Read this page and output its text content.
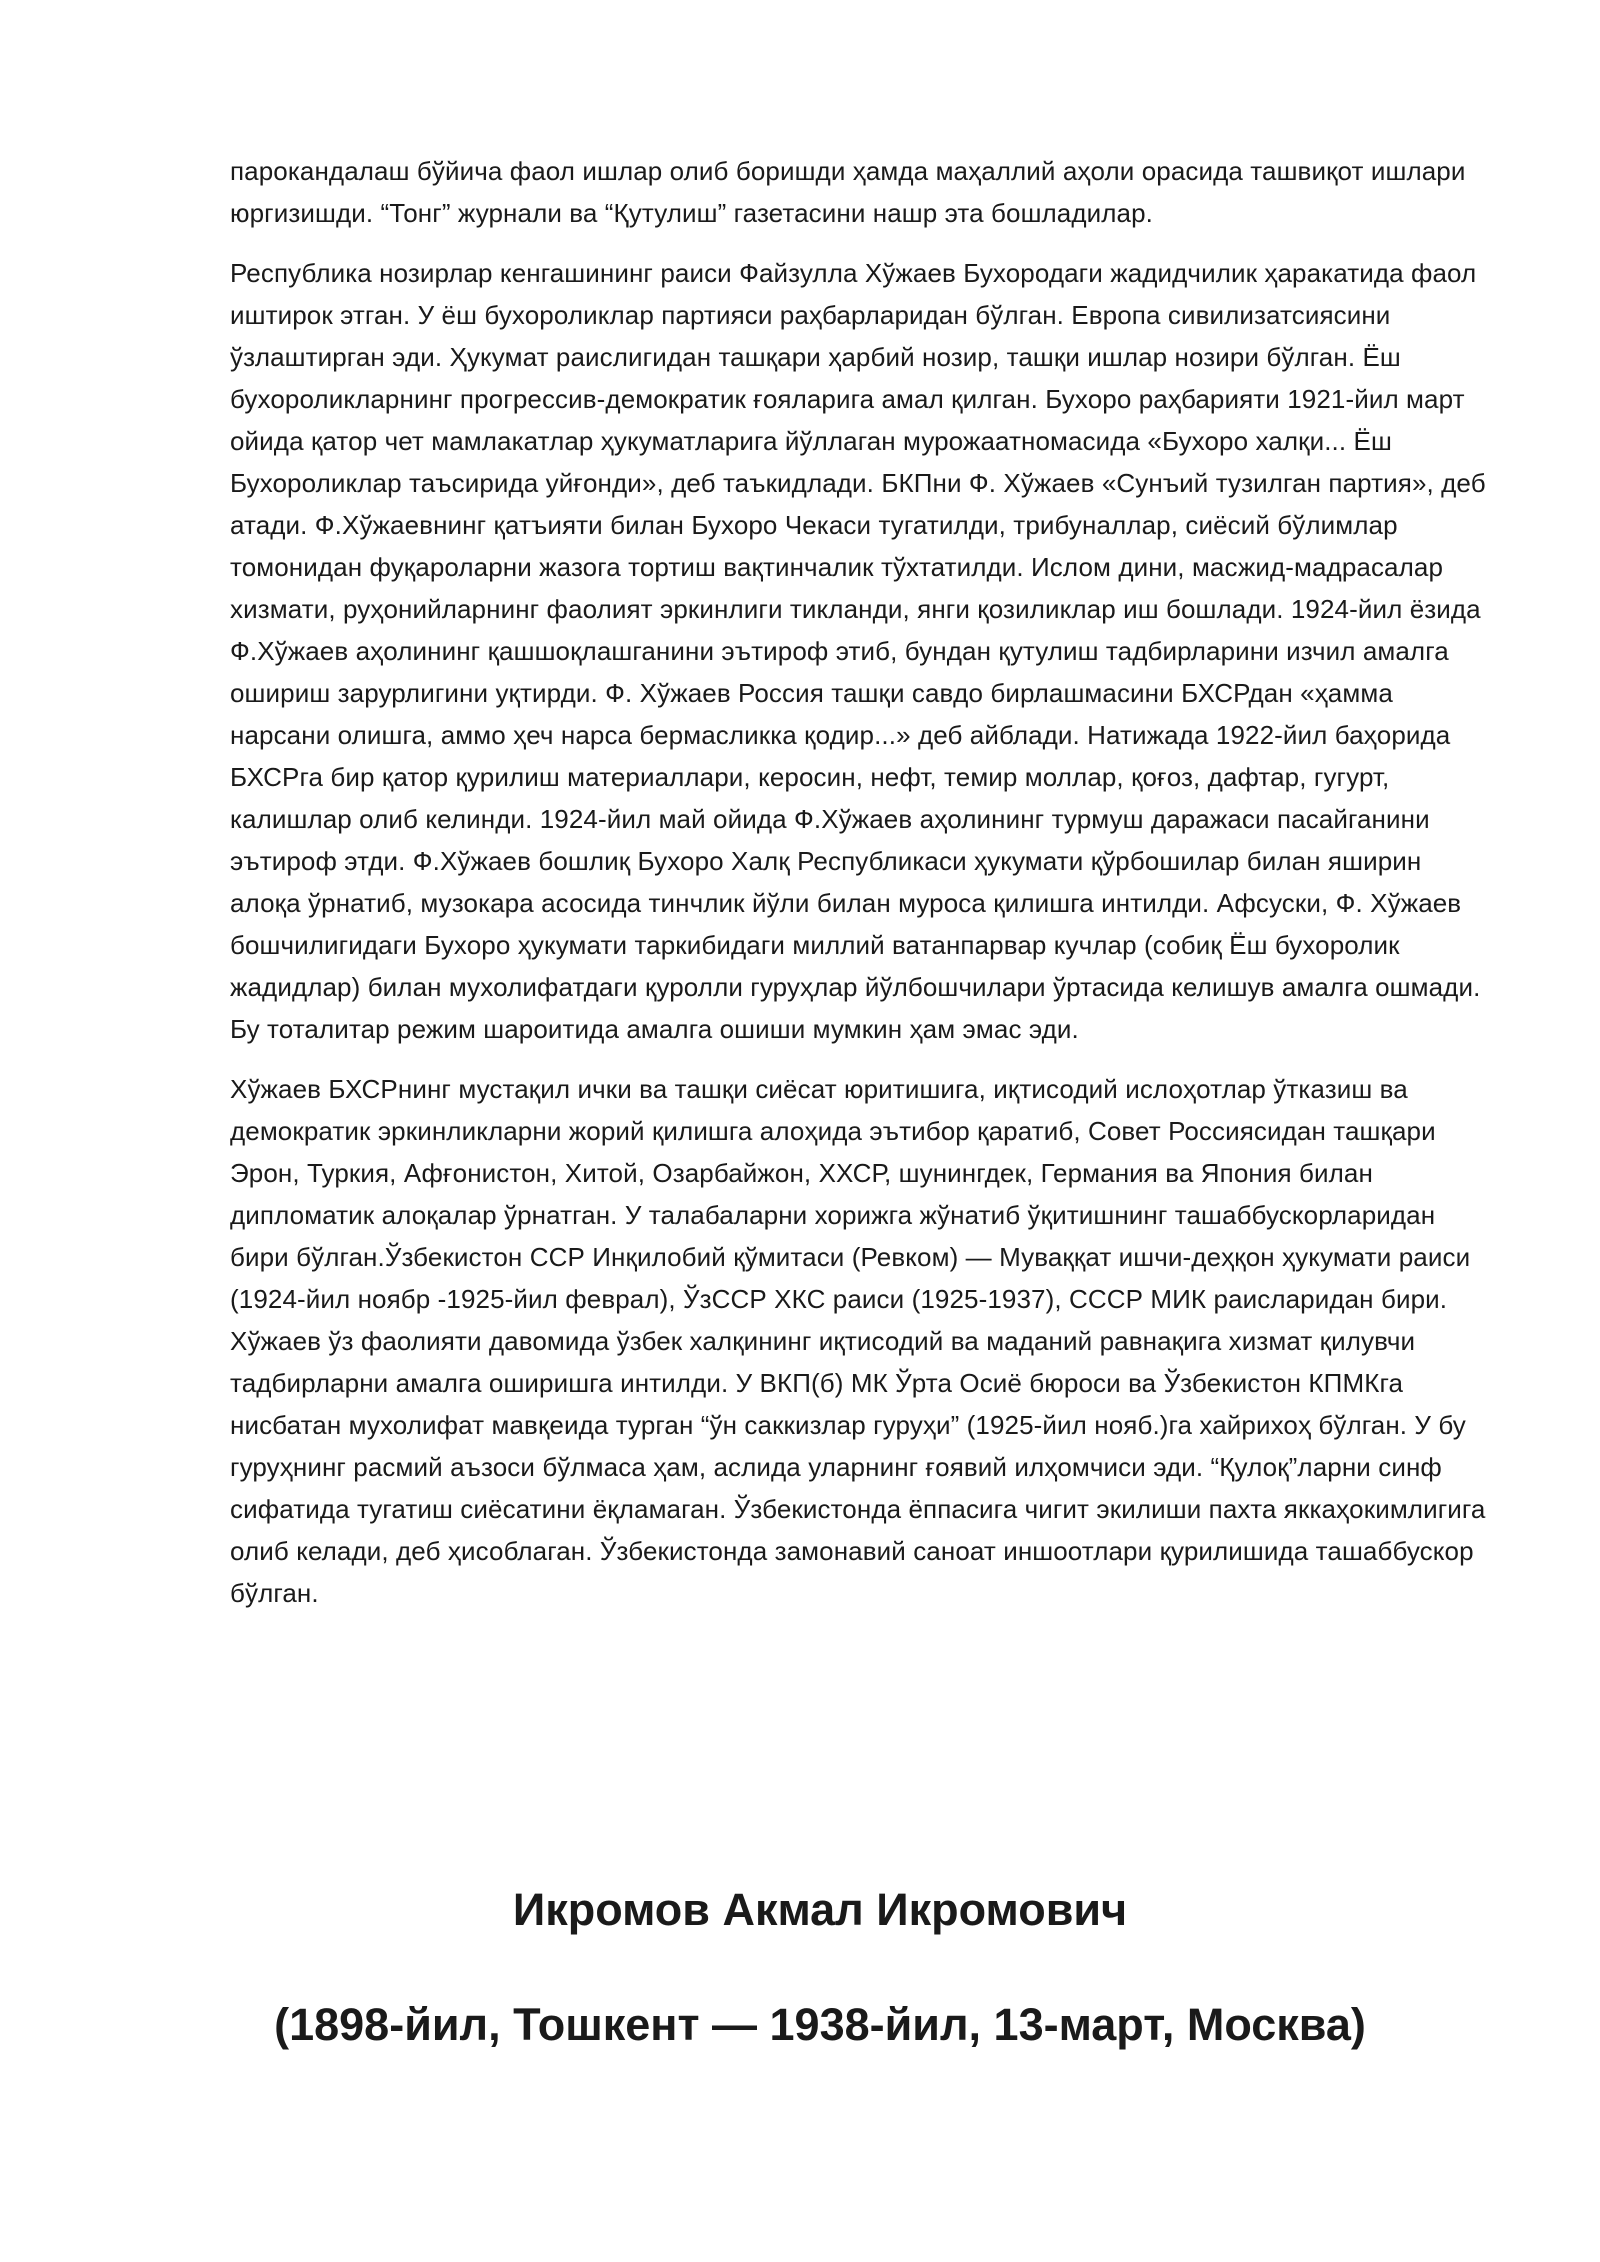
парокандалаш бўйича фаол ишлар олиб боришди ҳамда маҳаллий аҳоли орасида ташвиқот ишлари юргизишди. “Тонг” журнали ва “Қутулиш” газетасини нашр эта бошладилар.

Республика нозирлар кенгашининг раиси Файзулла Хўжаев Бухородаги жадидчилик ҳаракатида фаол иштирок этган. У ёш бухороликлар партияси раҳбарларидан бўлган. Европа сивилизатсиясини ўзлаштирган эди. Ҳукумат раислигидан ташқари ҳарбий нозир, ташқи ишлар нозири бўлган. Ёш бухороликларнинг прогрессив-демократик ғояларига амал қилган. Бухоро раҳбарияти 1921-йил март ойида қатор чет мамлакатлар ҳукуматларига йўллаган мурожаатномасида «Бухоро халқи... Ёш Бухороликлар таъсирида уйғонди», деб таъкидлади. БКПни Ф. Хўжаев «Сунъий тузилган партия», деб атади. Ф.Хўжаевнинг қатъияти билан Бухоро Чекаси тугатилди, трибуналлар, сиёсий бўлимлар томонидан фуқароларни жазога тортиш вақтинчалик тўхтатилди. Ислом дини, масжид-мадрасалар хизмати, руҳонийларнинг фаолият эркинлиги тикланди, янги қозиликлар иш бошлади. 1924-йил ёзида Ф.Хўжаев аҳолининг қашшоқлашганини эътироф этиб, бундан қутулиш тадбирларини изчил амалга ошириш зарурлигини уқтирди. Ф. Хўжаев Россия ташқи савдо бирлашмасини БХСРдан «ҳамма нарсани олишга, аммо ҳеч нарса бермасликка қодир...» деб айблади. Натижада 1922-йил баҳорида БХСРга бир қатор қурилиш материаллари, керосин, нефт, темир моллар, қоғоз, дафтар, гугурт, калишлар олиб келинди. 1924-йил май ойида Ф.Хўжаев аҳолининг турмуш даражаси пасайганини эътироф этди. Ф.Хўжаев бошлиқ Бухоро Халқ Республикаси ҳукумати қўрбошилар билан яширин алоқа ўрнатиб, музокара асосида тинчлик йўли билан муроса қилишга интилди. Афсуски, Ф. Хўжаев бошчилигидаги Бухоро ҳукумати таркибидаги миллий ватанпарвар кучлар (собиқ Ёш бухоролик жадидлар) билан мухолифатдаги қуролли гуруҳлар йўлбошчилари ўртасида келишув амалга ошмади. Бу тоталитар режим шароитида амалга ошиши мумкин ҳам эмас эди.

Хўжаев БХСРнинг мустақил ички ва ташқи сиёсат юритишига, иқтисодий ислоҳотлар ўтказиш ва демократик эркинликларни жорий қилишга алоҳида эътибор қаратиб, Совет Россиясидан ташқари Эрон, Туркия, Афғонистон, Хитой, Озарбайжон, ХХСР, шунингдек, Германия ва Япония билан дипломатик алоқалар ўрнатган. У талабаларни хорижга жўнатиб ўқитишнинг ташаббускорларидан бири бўлган.Ўзбекистон ССР Инқилобий қўмитаси (Ревком) — Муваққат ишчи-деҳқон ҳукумати раиси (1924-йил ноябр -1925-йил феврал), ЎзССР ХКС раиси (1925-1937), СССР МИК раисларидан бири. Хўжаев ўз фаолияти давомида ўзбек халқининг иқтисодий ва маданий равнақига хизмат қилувчи тадбирларни амалга оширишга интилди. У ВКП(б) МК Ўрта Осиё бюроси ва Ўзбекистон КПМКга нисбатан мухолифат мавқеида турган “ўн саккизлар гуруҳи” (1925-йил нояб.)га хайрихоҳ бўлган. У бу гуруҳнинг расмий аъзоси бўлмаса ҳам, аслида уларнинг ғоявий илҳомчиси эди. “Қулоқ”ларни синф сифатида тугатиш сиёсатини ёқламаган. Ўзбекистонда ёппасига чигит экилиши пахта яккаҳокимлигига олиб келади, деб ҳисоблаган. Ўзбекистонда замонавий саноат иншоотлари қурилишида ташаббускор бўлган.

Икромов Акмал Икромович
(1898-йил, Тошкент — 1938-йил, 13-март, Москва)
